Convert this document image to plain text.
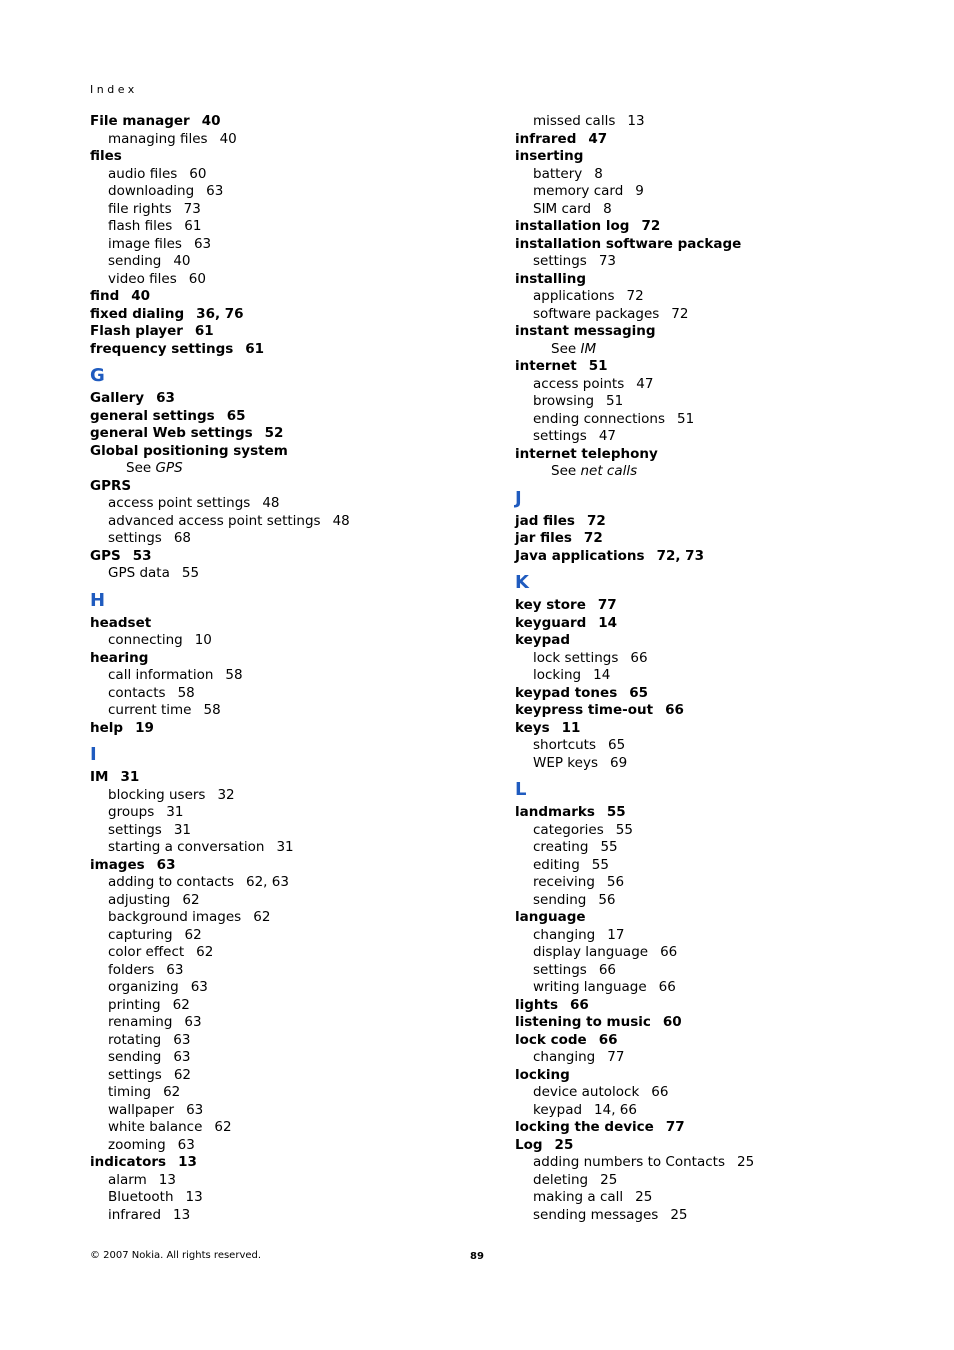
Index
File manager 40
managing files 40
files
audio files 60
downloading 63
file rights 73
flash files 61
image files 63
sending 40
video files 60
find 40
fixed dialing 36, 76
Flash player 61
frequency settings 61
G
Gallery 63
general settings 65
general Web settings 52
Global positioning system
See GPS
GPRS
access point settings 48
advanced access point settings 48
settings 68
GPS 53
GPS data 55
H
headset
connecting 10
hearing
call information 58
contacts 58
current time 58
help 19
I
IM 31
blocking users 32
groups 31
settings 31
starting a conversation 31
images 63
adding to contacts 62, 63
adjusting 62
background images 62
capturing 62
color effect 62
folders 63
organizing 63
printing 62
renaming 63
rotating 63
sending 63
settings 62
timing 62
wallpaper 63
white balance 62
zooming 63
indicators 13
alarm 13
Bluetooth 13
infrared 13
missed calls 13
infrared 47
inserting
battery 8
memory card 9
SIM card 8
installation log 72
installation software package
settings 73
installing
applications 72
software packages 72
instant messaging
See IM
internet 51
access points 47
browsing 51
ending connections 51
settings 47
internet telephony
See net calls
J
jad files 72
jar files 72
Java applications 72, 73
K
key store 77
keyguard 14
keypad
lock settings 66
locking 14
keypad tones 65
keypress time-out 66
keys 11
shortcuts 65
WEP keys 69
L
landmarks 55
categories 55
creating 55
editing 55
receiving 56
sending 56
language
changing 17
display language 66
settings 66
writing language 66
lights 66
listening to music 60
lock code 66
changing 77
locking
device autolock 66
keypad 14, 66
locking the device 77
Log 25
adding numbers to Contacts 25
deleting 25
making a call 25
sending messages 25
© 2007 Nokia. All rights reserved.	89
